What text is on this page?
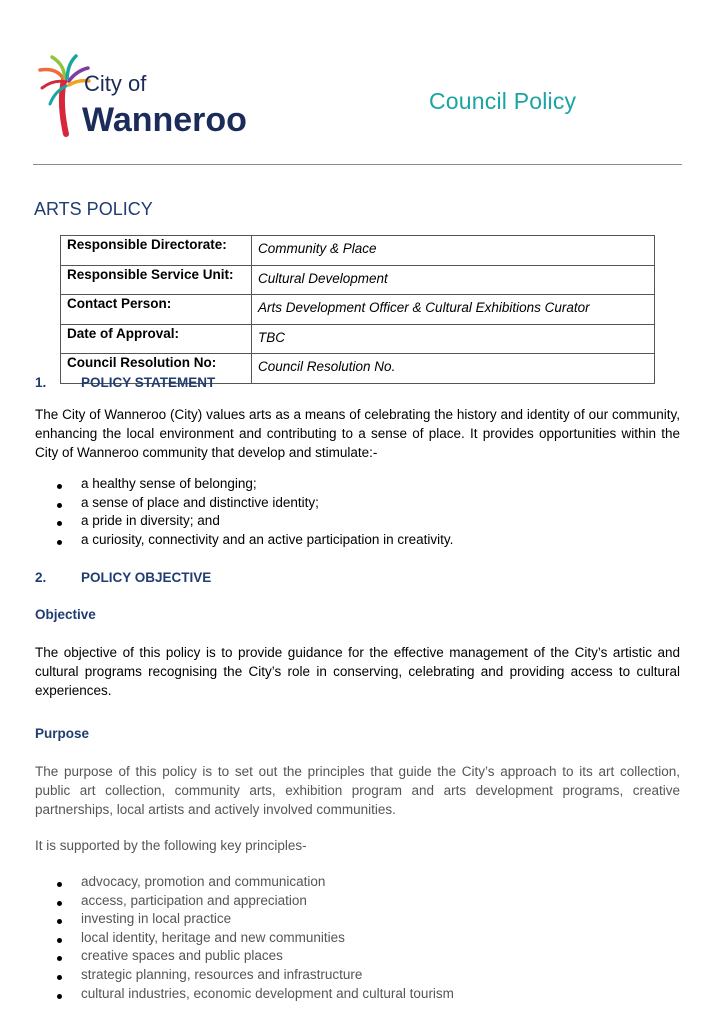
City of
Wanneroo	Council Policy
ARTS POLICY
Responsible Directorate:	Community & Place
Responsible Service Unit:	Cultural Development
Contact Person:	Arts Development Officer & Cultural Exhibitions Curator
Date of Approval:	TBC
Council Resolution No:	Council Resolution No.
1.	POLICY STATEMENT
The City of Wanneroo (City) values arts as a means of celebrating the history and identity of our community, enhancing the local environment and contributing to a sense of place. It provides opportunities within the City of Wanneroo community that develop and stimulate:-
a healthy sense of belonging;
a sense of place and distinctive identity;
a pride in diversity; and
a curiosity, connectivity and an active participation in creativity.
2.	POLICY OBJECTIVE
Objective
The objective of this policy is to provide guidance for the effective management of the City’s artistic and cultural programs recognising the City’s role in conserving, celebrating and providing access to cultural experiences.
Purpose
The purpose of this policy is to set out the principles that guide the City’s approach to its art collection, public art collection, community arts, exhibition program and arts development programs, creative partnerships, local artists and actively involved communities.
It is supported by the following key principles-
advocacy, promotion and communication
access, participation and appreciation
investing in local practice
local identity, heritage and new communities
creative spaces and public places
strategic planning, resources and infrastructure
cultural industries, economic development and cultural tourism
